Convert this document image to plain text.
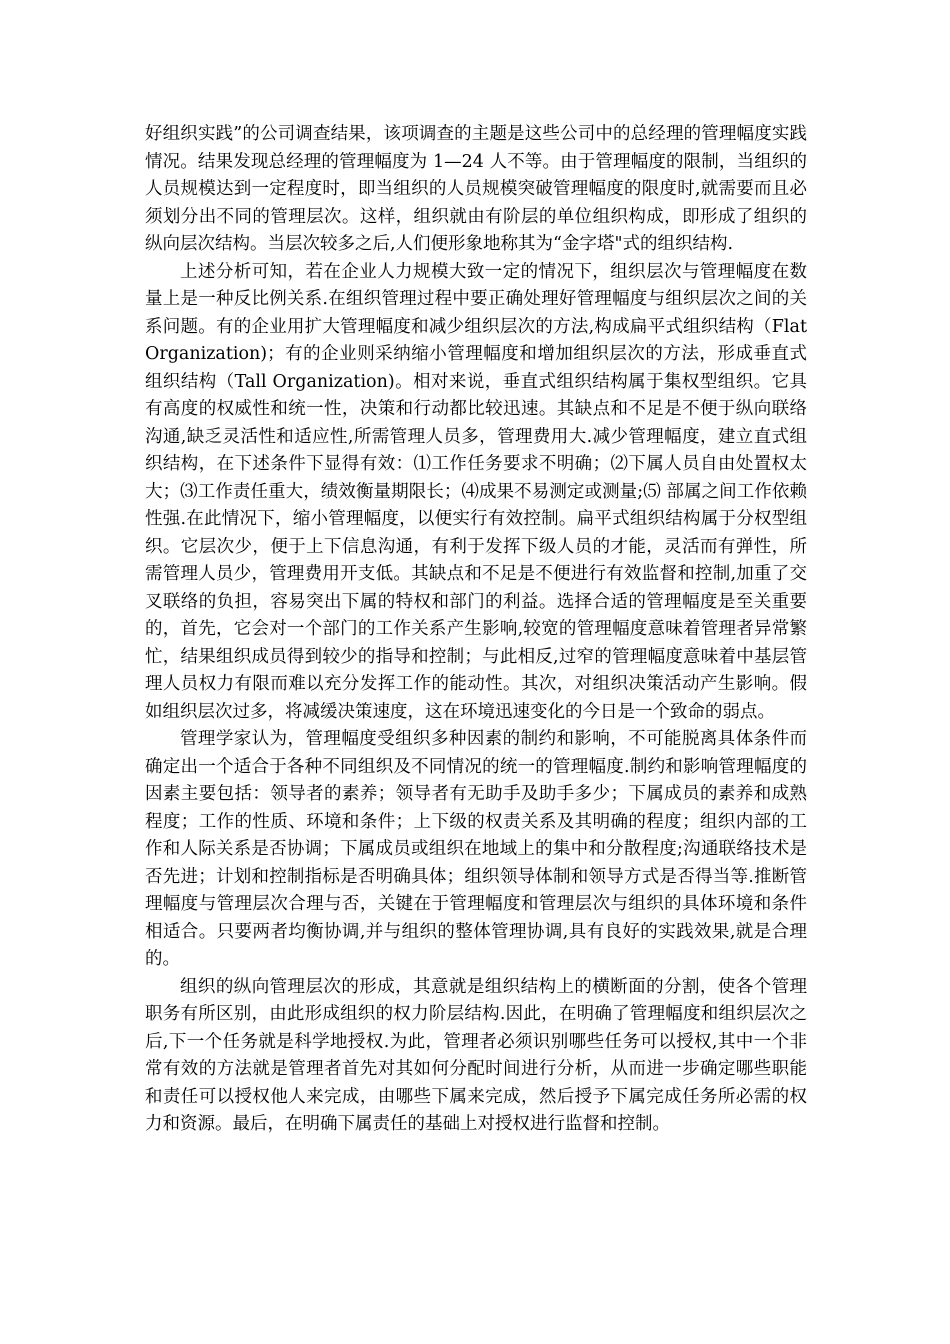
好组织实践”的公司调查结果，该项调查的主题是这些公司中的总经理的管理幅度实践情况。结果发现总经理的管理幅度为 1—24 人不等。由于管理幅度的限制，当组织的人员规模达到一定程度时，即当组织的人员规模突破管理幅度的限度时,就需要而且必须划分出不同的管理层次。这样，组织就由有阶层的单位组织构成，即形成了组织的纵向层次结构。当层次较多之后,人们便形象地称其为“金字塔"式的组织结构.

上述分析可知，若在企业人力规模大致一定的情况下，组织层次与管理幅度在数量上是一种反比例关系.在组织管理过程中要正确处理好管理幅度与组织层次之间的关系问题。有的企业用扩大管理幅度和减少组织层次的方法,构成扁平式组织结构（Flat Organization)；有的企业则采纳缩小管理幅度和增加组织层次的方法，形成垂直式组织结构（Tall Organization)。相对来说，垂直式组织结构属于集权型组织。它具有高度的权威性和统一性，决策和行动都比较迅速。其缺点和不足是不便于纵向联络沟通,缺乏灵活性和适应性,所需管理人员多，管理费用大.减少管理幅度，建立直式组织结构，在下述条件下显得有效：⑴工作任务要求不明确；⑵下属人员自由处置权太大；⑶工作责任重大，绩效衡量期限长；⑷成果不易测定或测量;⑸ 部属之间工作依赖性强.在此情况下，缩小管理幅度，以便实行有效控制。扁平式组织结构属于分权型组织。它层次少，便于上下信息沟通，有利于发挥下级人员的才能，灵活而有弹性，所需管理人员少，管理费用开支低。其缺点和不足是不便进行有效监督和控制,加重了交叉联络的负担，容易突出下属的特权和部门的利益。选择合适的管理幅度是至关重要的，首先，它会对一个部门的工作关系产生影响,较宽的管理幅度意味着管理者异常繁忙，结果组织成员得到较少的指导和控制；与此相反,过窄的管理幅度意味着中基层管理人员权力有限而难以充分发挥工作的能动性。其次，对组织决策活动产生影响。假如组织层次过多，将减缓决策速度，这在环境迅速变化的今日是一个致命的弱点。

管理学家认为，管理幅度受组织多种因素的制约和影响，不可能脱离具体条件而确定出一个适合于各种不同组织及不同情况的统一的管理幅度.制约和影响管理幅度的因素主要包括：领导者的素养；领导者有无助手及助手多少；下属成员的素养和成熟程度；工作的性质、环境和条件；上下级的权责关系及其明确的程度；组织内部的工作和人际关系是否协调；下属成员或组织在地域上的集中和分散程度;沟通联络技术是否先进；计划和控制指标是否明确具体；组织领导体制和领导方式是否得当等.推断管理幅度与管理层次合理与否，关键在于管理幅度和管理层次与组织的具体环境和条件相适合。只要两者均衡协调,并与组织的整体管理协调,具有良好的实践效果,就是合理的。

组织的纵向管理层次的形成，其意就是组织结构上的横断面的分割，使各个管理职务有所区别，由此形成组织的权力阶层结构.因此，在明确了管理幅度和组织层次之后,下一个任务就是科学地授权.为此，管理者必须识别哪些任务可以授权,其中一个非常有效的方法就是管理者首先对其如何分配时间进行分析，从而进一步确定哪些职能和责任可以授权他人来完成，由哪些下属来完成，然后授予下属完成任务所必需的权力和资源。最后，在明确下属责任的基础上对授权进行监督和控制。
